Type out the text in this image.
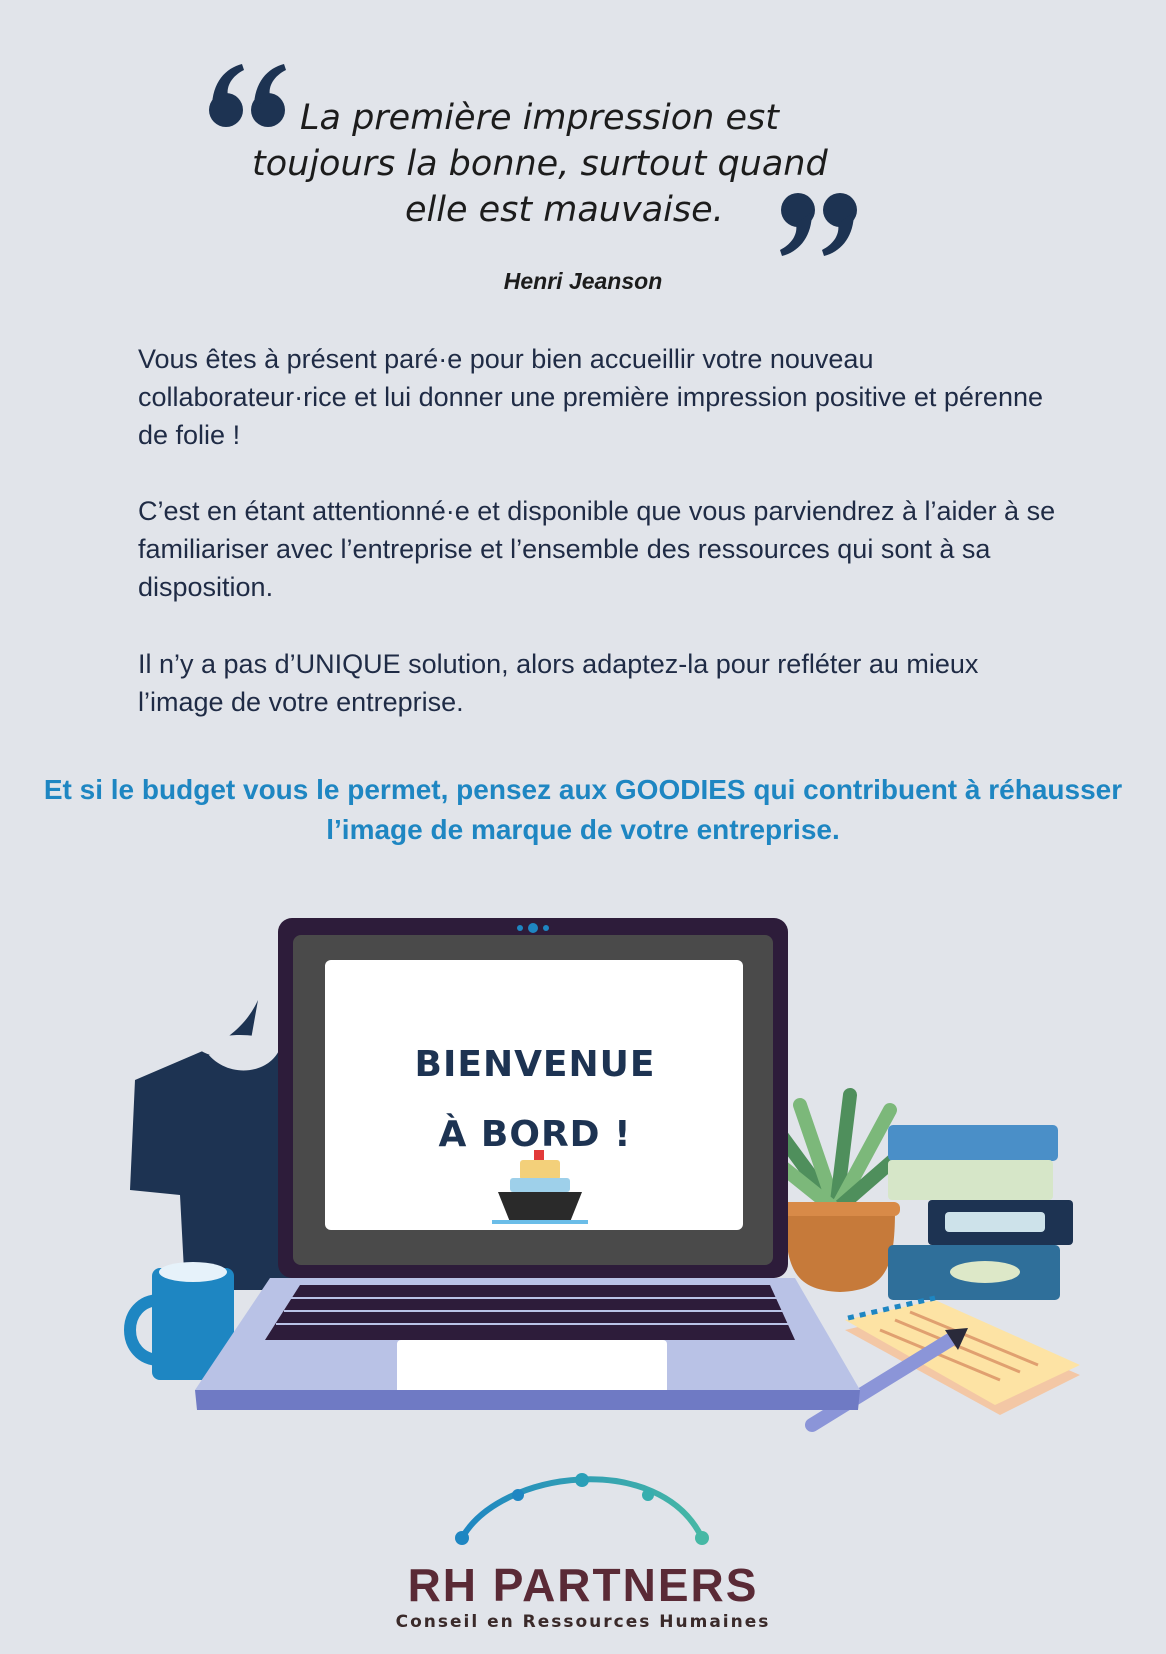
La première impression est
toujours la bonne, surtout quand
elle est mauvaise.
Henri Jeanson

Vous êtes à présent paré·e pour bien accueillir votre nouveau collaborateur·rice et lui donner une première impression positive et pérenne de folie !

C’est en étant attentionné·e et disponible que vous parviendrez à l’aider à se familiariser avec l’entreprise et l’ensemble des ressources qui sont à sa disposition.

Il n’y a pas d’UNIQUE solution, alors adaptez-la pour refléter au mieux l’image de votre entreprise.

Et si le budget vous le permet, pensez aux GOODIES qui contribuent à réhausser l’image de marque de votre entreprise.

BIENVENUE
À BORD !
RH PARTNERS
Conseil en Ressources Humaines
